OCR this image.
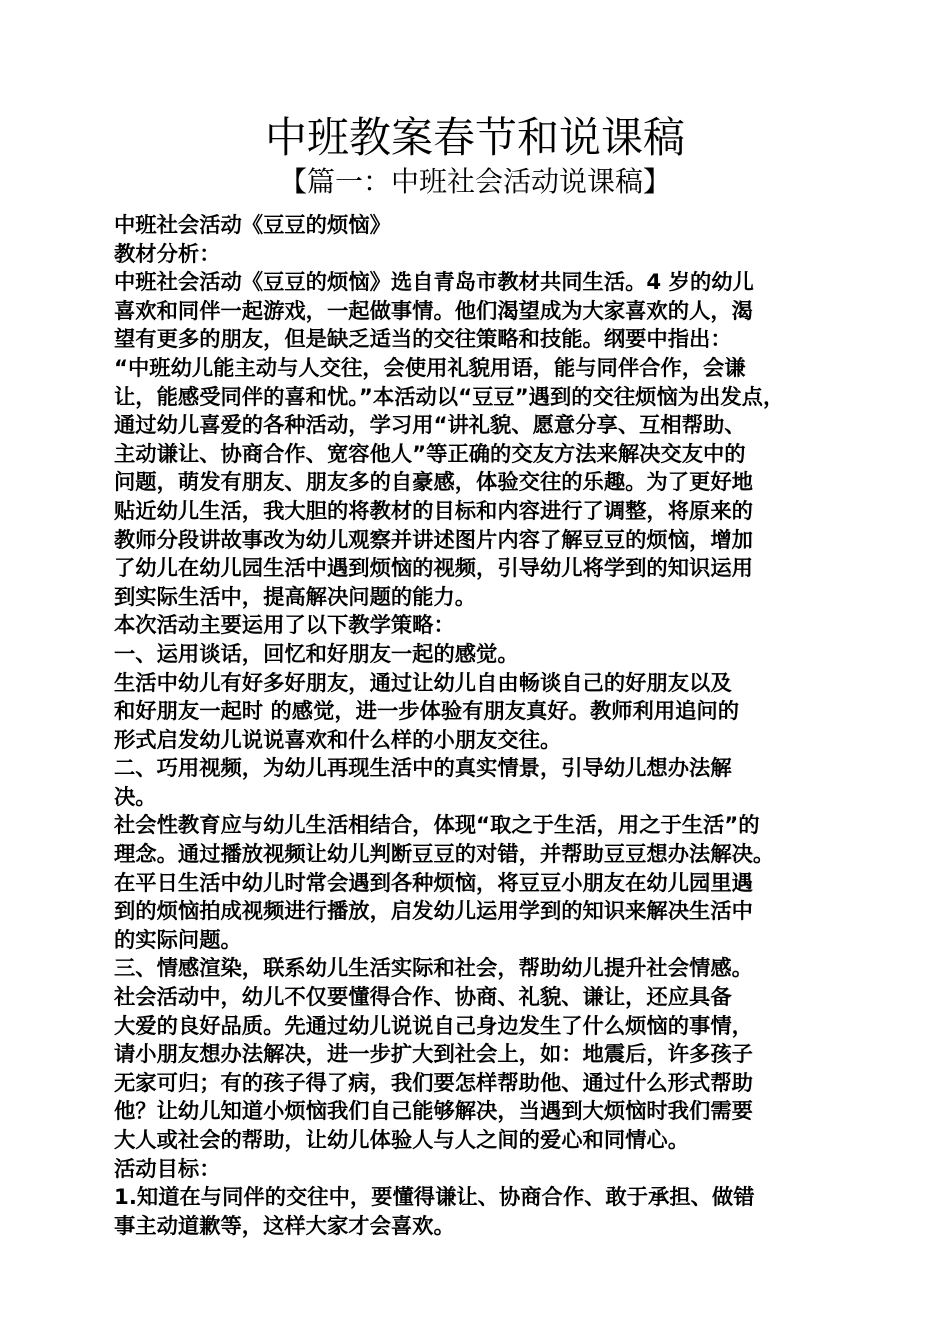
中班教案春节和说课稿
【篇一：中班社会活动说课稿】
中班社会活动《豆豆的烦恼》
教材分析：
中班社会活动《豆豆的烦恼》选自青岛市教材共同生活。4 岁的幼儿
喜欢和同伴一起游戏，一起做事情。他们渴望成为大家喜欢的人，渴
望有更多的朋友，但是缺乏适当的交往策略和技能。纲要中指出：
“中班幼儿能主动与人交往，会使用礼貌用语，能与同伴合作，会谦
让，能感受同伴的喜和忧。”本活动以“豆豆”遇到的交往烦恼为出发点，
通过幼儿喜爱的各种活动，学习用“讲礼貌、愿意分享、互相帮助、
主动谦让、协商合作、宽容他人”等正确的交友方法来解决交友中的
问题，萌发有朋友、朋友多的自豪感，体验交往的乐趣。为了更好地
贴近幼儿生活，我大胆的将教材的目标和内容进行了调整，将原来的
教师分段讲故事改为幼儿观察并讲述图片内容了解豆豆的烦恼，增加
了幼儿在幼儿园生活中遇到烦恼的视频，引导幼儿将学到的知识运用
到实际生活中，提高解决问题的能力。
本次活动主要运用了以下教学策略：
一、运用谈话，回忆和好朋友一起的感觉。
生活中幼儿有好多好朋友，通过让幼儿自由畅谈自己的好朋友以及
和好朋友一起时 的感觉，进一步体验有朋友真好。教师利用追问的
形式启发幼儿说说喜欢和什么样的小朋友交往。
二、巧用视频，为幼儿再现生活中的真实情景，引导幼儿想办法解
决。
社会性教育应与幼儿生活相结合，体现“取之于生活，用之于生活”的
理念。通过播放视频让幼儿判断豆豆的对错，并帮助豆豆想办法解决。
在平日生活中幼儿时常会遇到各种烦恼，将豆豆小朋友在幼儿园里遇
到的烦恼拍成视频进行播放，启发幼儿运用学到的知识来解决生活中
的实际问题。
三、情感渲染，联系幼儿生活实际和社会，帮助幼儿提升社会情感。
社会活动中，幼儿不仅要懂得合作、协商、礼貌、谦让，还应具备
大爱的良好品质。先通过幼儿说说自己身边发生了什么烦恼的事情，
请小朋友想办法解决，进一步扩大到社会上，如：地震后，许多孩子
无家可归；有的孩子得了病，我们要怎样帮助他、通过什么形式帮助
他？让幼儿知道小烦恼我们自己能够解决，当遇到大烦恼时我们需要
大人或社会的帮助，让幼儿体验人与人之间的爱心和同情心。
活动目标：
1.知道在与同伴的交往中，要懂得谦让、协商合作、敢于承担、做错
事主动道歉等，这样大家才会喜欢。
